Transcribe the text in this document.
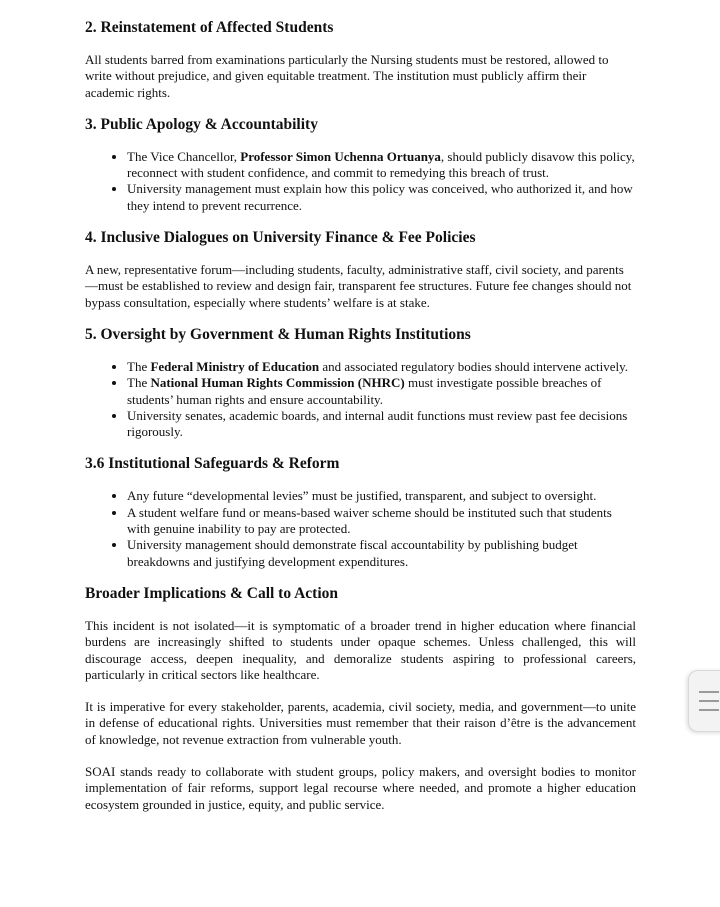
2. Reinstatement of Affected Students

All students barred from examinations particularly the Nursing students must be restored, allowed to write without prejudice, and given equitable treatment. The institution must publicly affirm their academic rights.

3. Public Apology & Accountability
• The Vice Chancellor, Professor Simon Uchenna Ortuanya, should publicly disavow this policy, reconnect with student confidence, and commit to remedying this breach of trust.
• University management must explain how this policy was conceived, who authorized it, and how they intend to prevent recurrence.
4. Inclusive Dialogues on University Finance & Fee Policies

A new, representative forum—including students, faculty, administrative staff, civil society, and parents—must be established to review and design fair, transparent fee structures. Future fee changes should not bypass consultation, especially where students’ welfare is at stake.

5. Oversight by Government & Human Rights Institutions
• The Federal Ministry of Education and associated regulatory bodies should intervene actively.
• The National Human Rights Commission (NHRC) must investigate possible breaches of students’ human rights and ensure accountability.
• University senates, academic boards, and internal audit functions must review past fee decisions rigorously.
3.6 Institutional Safeguards & Reform
• Any future “developmental levies” must be justified, transparent, and subject to oversight.
• A student welfare fund or means-based waiver scheme should be instituted such that students with genuine inability to pay are protected.
• University management should demonstrate fiscal accountability by publishing budget breakdowns and justifying development expenditures.
Broader Implications & Call to Action

This incident is not isolated—it is symptomatic of a broader trend in higher education where financial burdens are increasingly shifted to students under opaque schemes. Unless challenged, this will discourage access, deepen inequality, and demoralize students aspiring to professional careers, particularly in critical sectors like healthcare.

It is imperative for every stakeholder, parents, academia, civil society, media, and government—to unite in defense of educational rights. Universities must remember that their raison d’être is the advancement of knowledge, not revenue extraction from vulnerable youth.

SOAI stands ready to collaborate with student groups, policy makers, and oversight bodies to monitor implementation of fair reforms, support legal recourse where needed, and promote a higher education ecosystem grounded in justice, equity, and public service.
